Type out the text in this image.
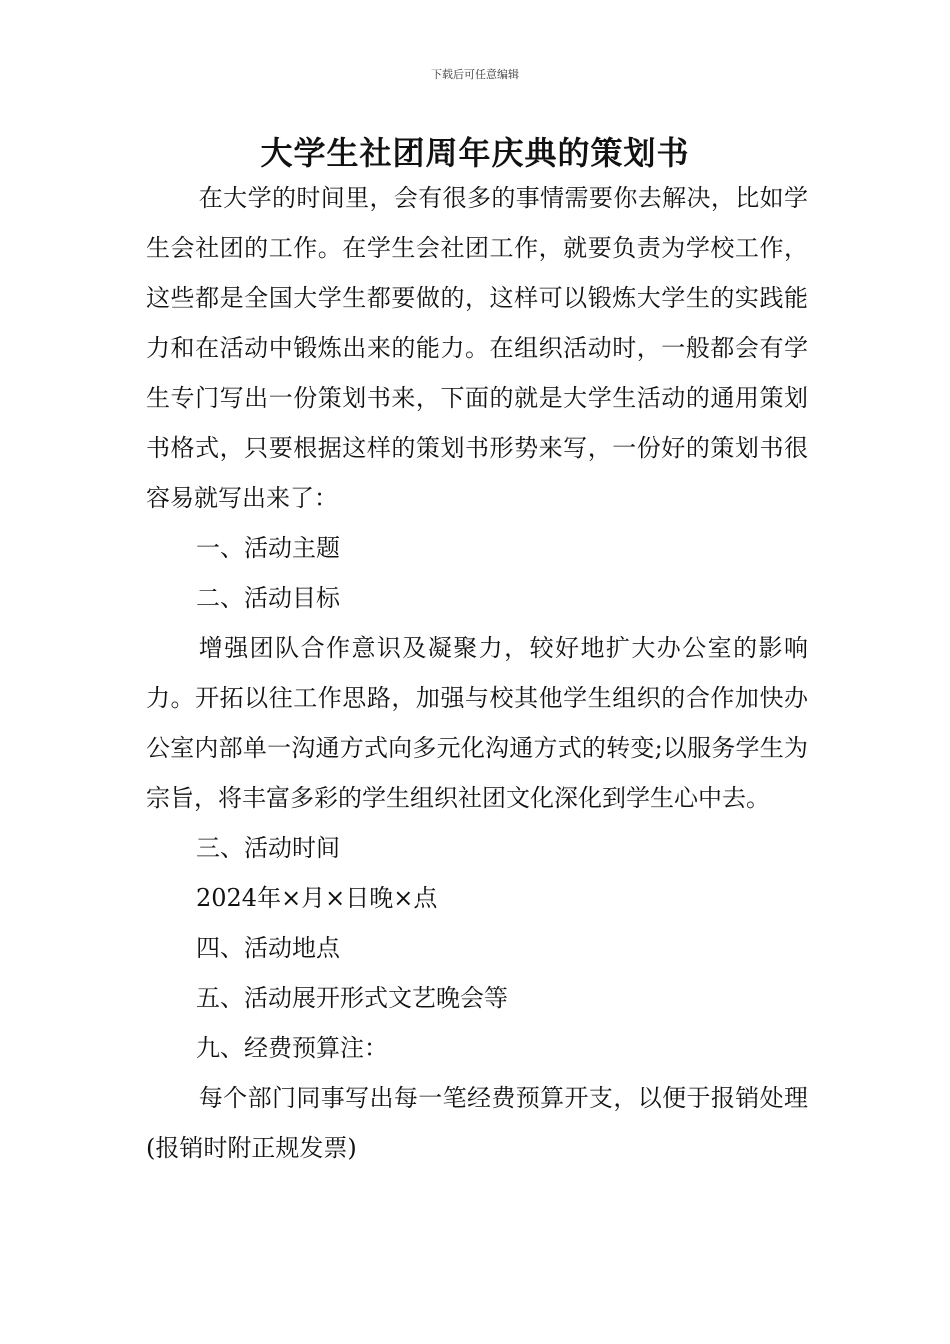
下载后可任意编辑
大学生社团周年庆典的策划书

在大学的时间里，会有很多的事情需要你去解决，比如学生会社团的工作。在学生会社团工作，就要负责为学校工作，这些都是全国大学生都要做的，这样可以锻炼大学生的实践能力和在活动中锻炼出来的能力。在组织活动时，一般都会有学生专门写出一份策划书来，下面的就是大学生活动的通用策划书格式，只要根据这样的策划书形势来写，一份好的策划书很容易就写出来了：

一、活动主题

二、活动目标

增强团队合作意识及凝聚力，较好地扩大办公室的影响力。开拓以往工作思路，加强与校其他学生组织的合作加快办公室内部单一沟通方式向多元化沟通方式的转变;以服务学生为宗旨，将丰富多彩的学生组织社团文化深化到学生心中去。

三、活动时间

2024年×月×日晚×点

四、活动地点

五、活动展开形式文艺晚会等

九、经费预算注：

每个部门同事写出每一笔经费预算开支，以便于报销处理(报销时附正规发票)
